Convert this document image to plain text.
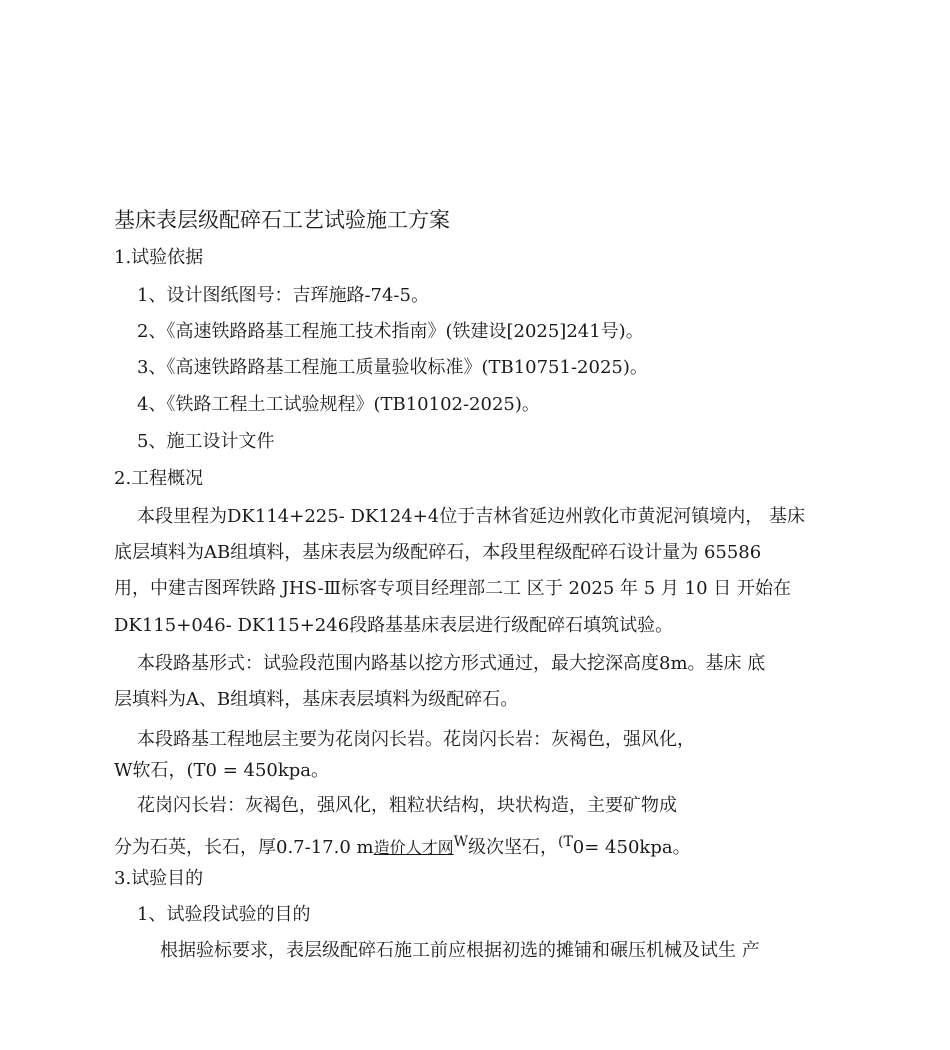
基床表层级配碎石工艺试验施工方案
1.试验依据
1、设计图纸图号：吉珲施路-74-5。
2、《高速铁路路基工程施工技术指南》(铁建设[2025]241号)。
3、《高速铁路路基工程施工质量验收标准》(TB10751-2025)。
4、《铁路工程土工试验规程》(TB10102-2025)。
5、施工设计文件
2.工程概况
本段里程为DK114+225- DK124+4位于吉林省延边州敦化市黄泥河镇境内， 基床
底层填料为AB组填料，基床表层为级配碎石，本段里程级配碎石设计量为 65586
用，中建吉图珲铁路 JHS-Ⅲ标客专项目经理部二工 区于 2025 年 5 月 10 日 开始在
DK115+046- DK115+246段路基基床表层进行级配碎石填筑试验。
本段路基形式：试验段范围内路基以挖方形式通过，最大挖深高度8m。基床 底
层填料为A、B组填料，基床表层填料为级配碎石。
本段路基工程地层主要为花岗闪长岩。花岗闪长岩：灰褐色，强风化，
W软石，(T0 = 450kpa。
花岗闪长岩：灰褐色，强风化，粗粒状结构，块状构造，主要矿物成
分为石英，长石，厚0.7-17.0 m造价人才网$^W$级次坚石，$^{(T}$0= 450kpa。
3.试验目的
1、试验段试验的目的
根据验标要求，表层级配碎石施工前应根据初选的摊铺和碾压机械及试生 产
